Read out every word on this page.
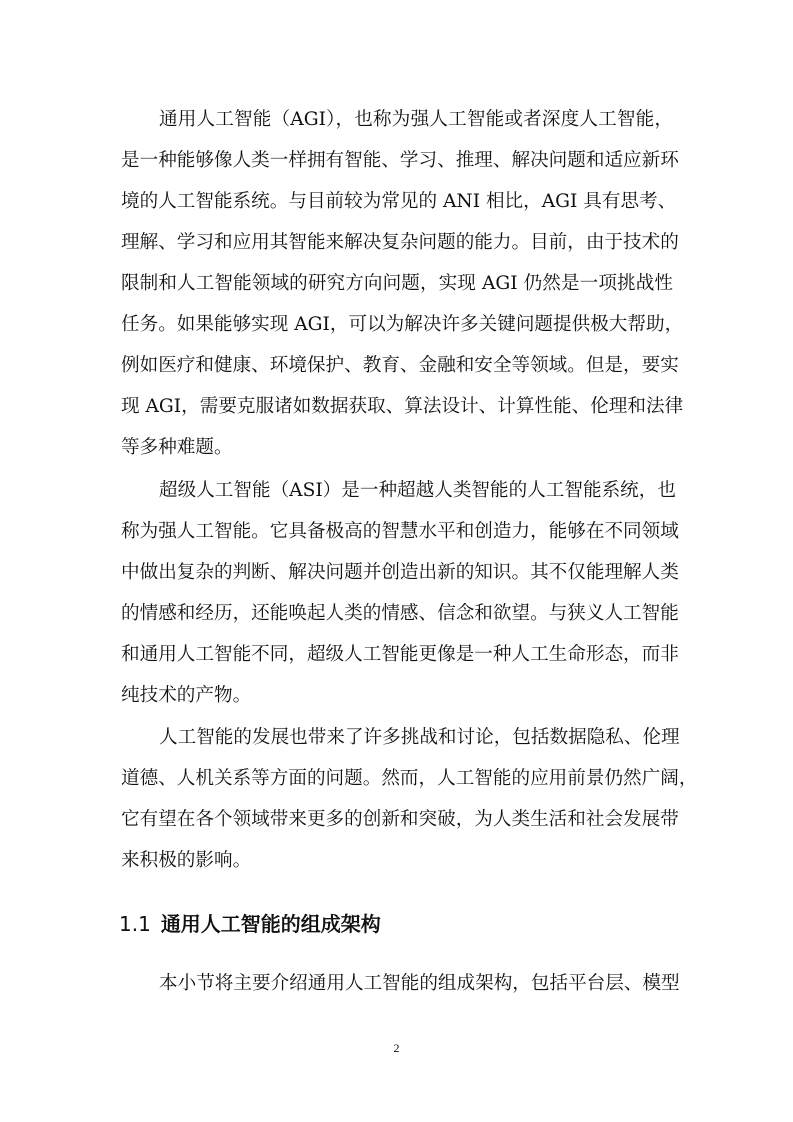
通用人工智能（AGI），也称为强人工智能或者深度人工智能，
是一种能够像人类一样拥有智能、学习、推理、解决问题和适应新环
境的人工智能系统。与目前较为常见的 ANI 相比，AGI 具有思考、
理解、学习和应用其智能来解决复杂问题的能力。目前，由于技术的
限制和人工智能领域的研究方向问题，实现 AGI 仍然是一项挑战性
任务。如果能够实现 AGI，可以为解决许多关键问题提供极大帮助，
例如医疗和健康、环境保护、教育、金融和安全等领域。但是，要实
现 AGI，需要克服诸如数据获取、算法设计、计算性能、伦理和法律
等多种难题。
超级人工智能（ASI）是一种超越人类智能的人工智能系统，也
称为强人工智能。它具备极高的智慧水平和创造力，能够在不同领域
中做出复杂的判断、解决问题并创造出新的知识。其不仅能理解人类
的情感和经历，还能唤起人类的情感、信念和欲望。与狭义人工智能
和通用人工智能不同，超级人工智能更像是一种人工生命形态，而非
纯技术的产物。
人工智能的发展也带来了许多挑战和讨论，包括数据隐私、伦理
道德、人机关系等方面的问题。然而，人工智能的应用前景仍然广阔，
它有望在各个领域带来更多的创新和突破，为人类生活和社会发展带
来积极的影响。
1.1 通用人工智能的组成架构
本小节将主要介绍通用人工智能的组成架构，包括平台层、模型
2
